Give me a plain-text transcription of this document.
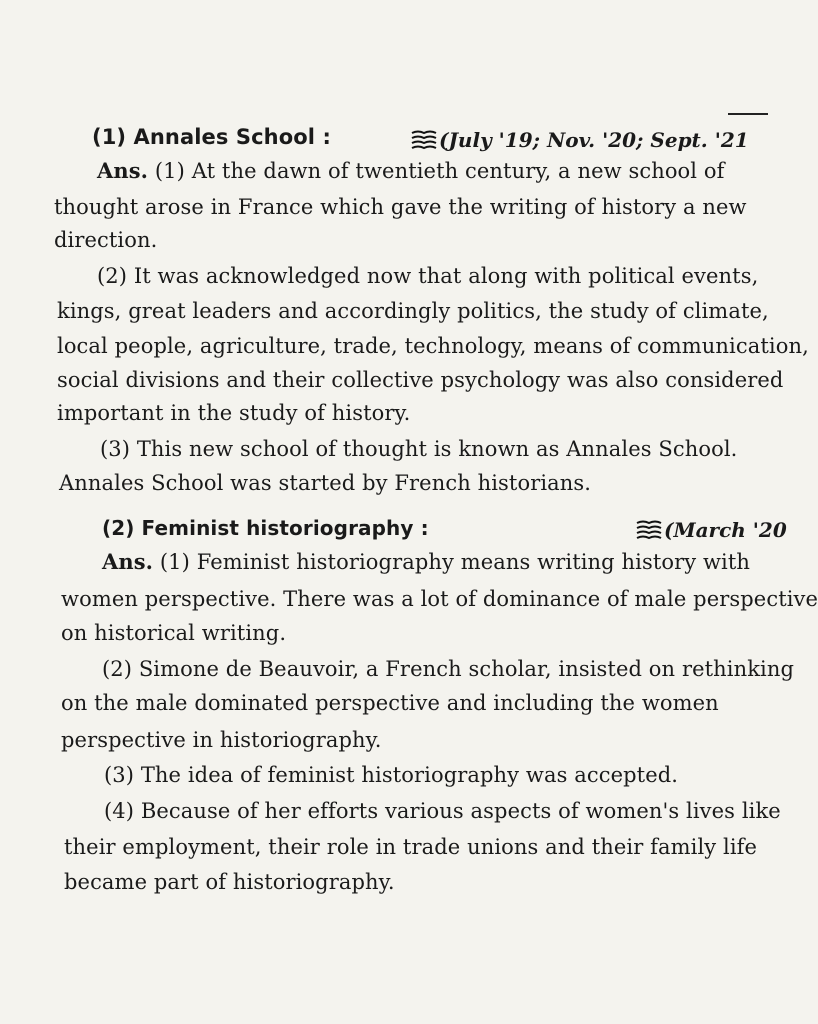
(1) Annales School :	(July '19; Nov. '20; Sept. '21
Ans. (1) At the dawn of twentieth century, a new school of
thought arose in France which gave the writing of history a new
direction.
(2) It was acknowledged now that along with political events,
kings, great leaders and accordingly politics, the study of climate,
local people, agriculture, trade, technology, means of communication,
social divisions and their collective psychology was also considered
important in the study of history.
(3) This new school of thought is known as Annales School.
Annales School was started by French historians.
(2) Feminist historiography :	(March '20
Ans. (1) Feminist historiography means writing history with
women perspective. There was a lot of dominance of male perspective
on historical writing.
(2) Simone de Beauvoir, a French scholar, insisted on rethinking
on the male dominated perspective and including the women
perspective in historiography.
(3) The idea of feminist historiography was accepted.
(4) Because of her efforts various aspects of women's lives like
their employment, their role in trade unions and their family life
became part of historiography.
